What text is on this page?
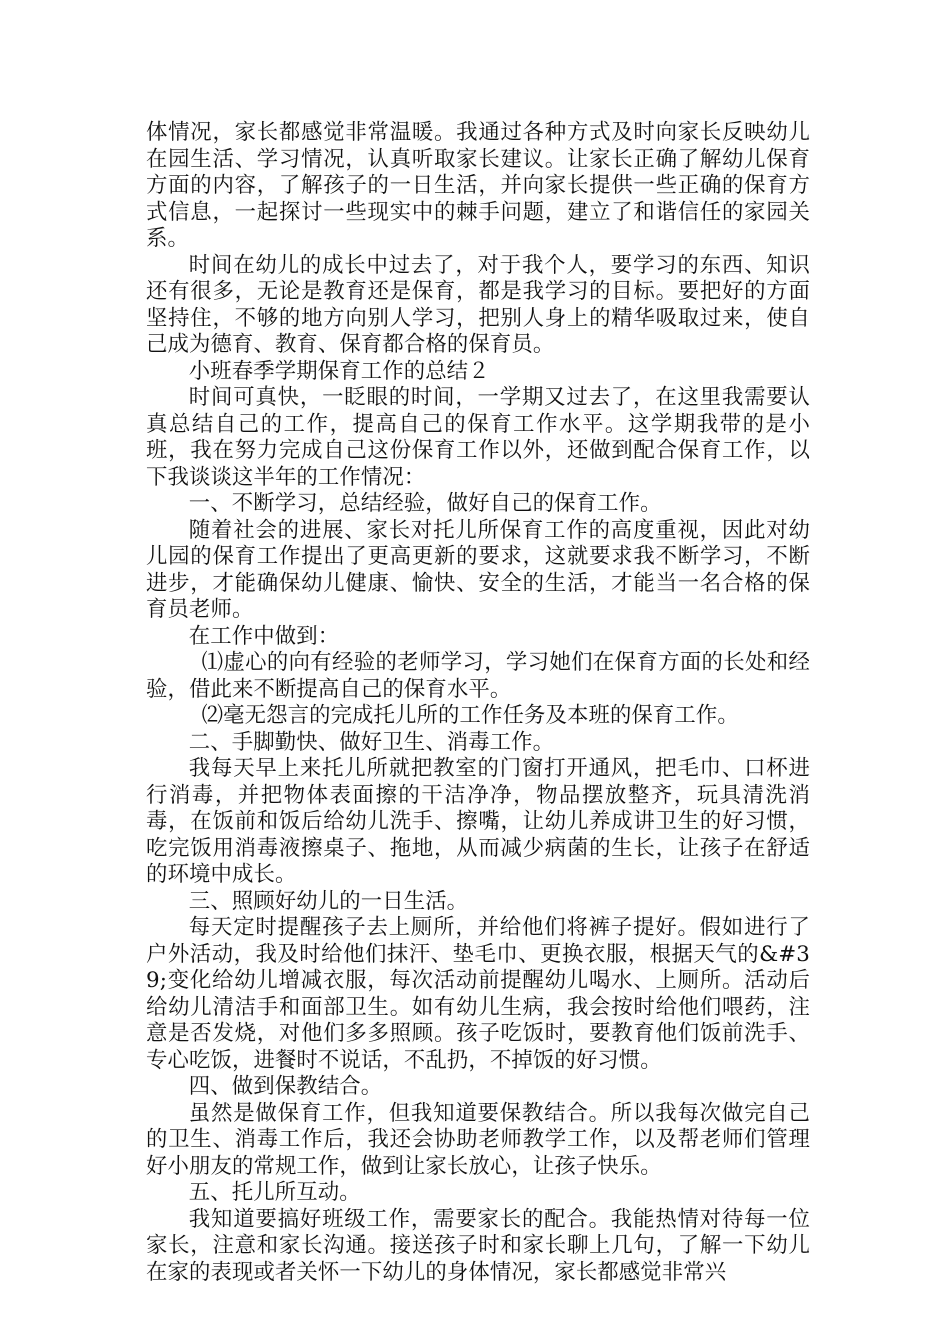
体情况，家长都感觉非常温暖。我通过各种方式及时向家长反映幼儿在园生活、学习情况，认真听取家长建议。让家长正确了解幼儿保育方面的内容，了解孩子的一日生活，并向家长提供一些正确的保育方式信息，一起探讨一些现实中的棘手问题，建立了和谐信任的家园关系。

时间在幼儿的成长中过去了，对于我个人，要学习的东西、知识还有很多，无论是教育还是保育，都是我学习的目标。要把好的方面坚持住，不够的地方向别人学习，把别人身上的精华吸取过来，使自己成为德育、教育、保育都合格的保育员。

小班春季学期保育工作的总结２

时间可真快，一眨眼的时间，一学期又过去了，在这里我需要认真总结自己的工作，提高自己的保育工作水平。这学期我带的是小班，我在努力完成自己这份保育工作以外，还做到配合保育工作，以下我谈谈这半年的工作情况：

一、不断学习，总结经验，做好自己的保育工作。

随着社会的进展、家长对托儿所保育工作的高度重视，因此对幼儿园的保育工作提出了更高更新的要求，这就要求我不断学习，不断进步，才能确保幼儿健康、愉快、安全的生活，才能当一名合格的保育员老师。

在工作中做到：

⑴虚心的向有经验的老师学习，学习她们在保育方面的长处和经验，借此来不断提高自己的保育水平。

⑵毫无怨言的完成托儿所的工作任务及本班的保育工作。

二、手脚勤快、做好卫生、消毒工作。

我每天早上来托儿所就把教室的门窗打开通风，把毛巾、口杯进行消毒，并把物体表面擦的干洁净净，物品摆放整齐，玩具清洗消毒，在饭前和饭后给幼儿洗手、擦嘴，让幼儿养成讲卫生的好习惯，吃完饭用消毒液擦桌子、拖地，从而减少病菌的生长，让孩子在舒适的环境中成长。

三、照顾好幼儿的一日生活。

每天定时提醒孩子去上厕所，并给他们将裤子提好。假如进行了户外活动，我及时给他们抹汗、垫毛巾、更换衣服，根据天气的&#39;变化给幼儿增减衣服，每次活动前提醒幼儿喝水、上厕所。活动后给幼儿清洁手和面部卫生。如有幼儿生病，我会按时给他们喂药，注意是否发烧，对他们多多照顾。孩子吃饭时，要教育他们饭前洗手、专心吃饭，进餐时不说话，不乱扔，不掉饭的好习惯。

四、做到保教结合。

虽然是做保育工作，但我知道要保教结合。所以我每次做完自己的卫生、消毒工作后，我还会协助老师教学工作，以及帮老师们管理好小朋友的常规工作，做到让家长放心，让孩子快乐。

五、托儿所互动。

我知道要搞好班级工作，需要家长的配合。我能热情对待每一位家长，注意和家长沟通。接送孩子时和家长聊上几句，了解一下幼儿在家的表现或者关怀一下幼儿的身体情况，家长都感觉非常兴
